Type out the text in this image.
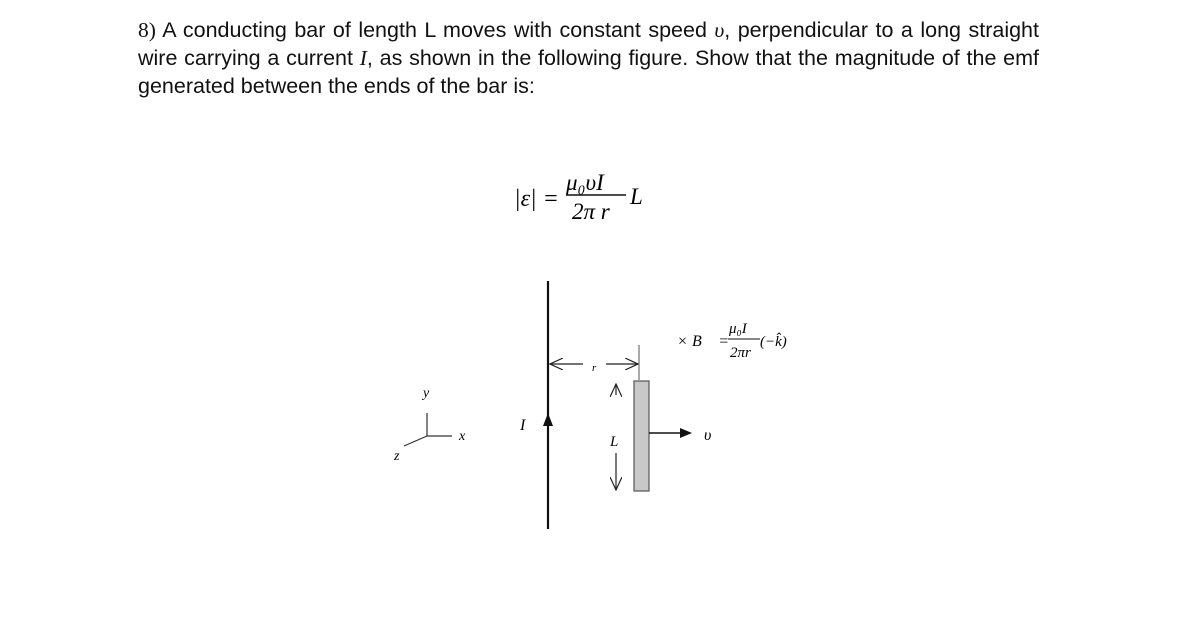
8) A conducting bar of length L moves with constant speed υ, perpendicular to a long straight wire carrying a current I, as shown in the following figure. Show that the magnitude of the emf generated between the ends of the bar is:
|ε| =
μ₀υI
2π r
L
y
x
z
I
r
L	υ⃗
× B⃗ =
μ₀I
2πr
(−k̂)
